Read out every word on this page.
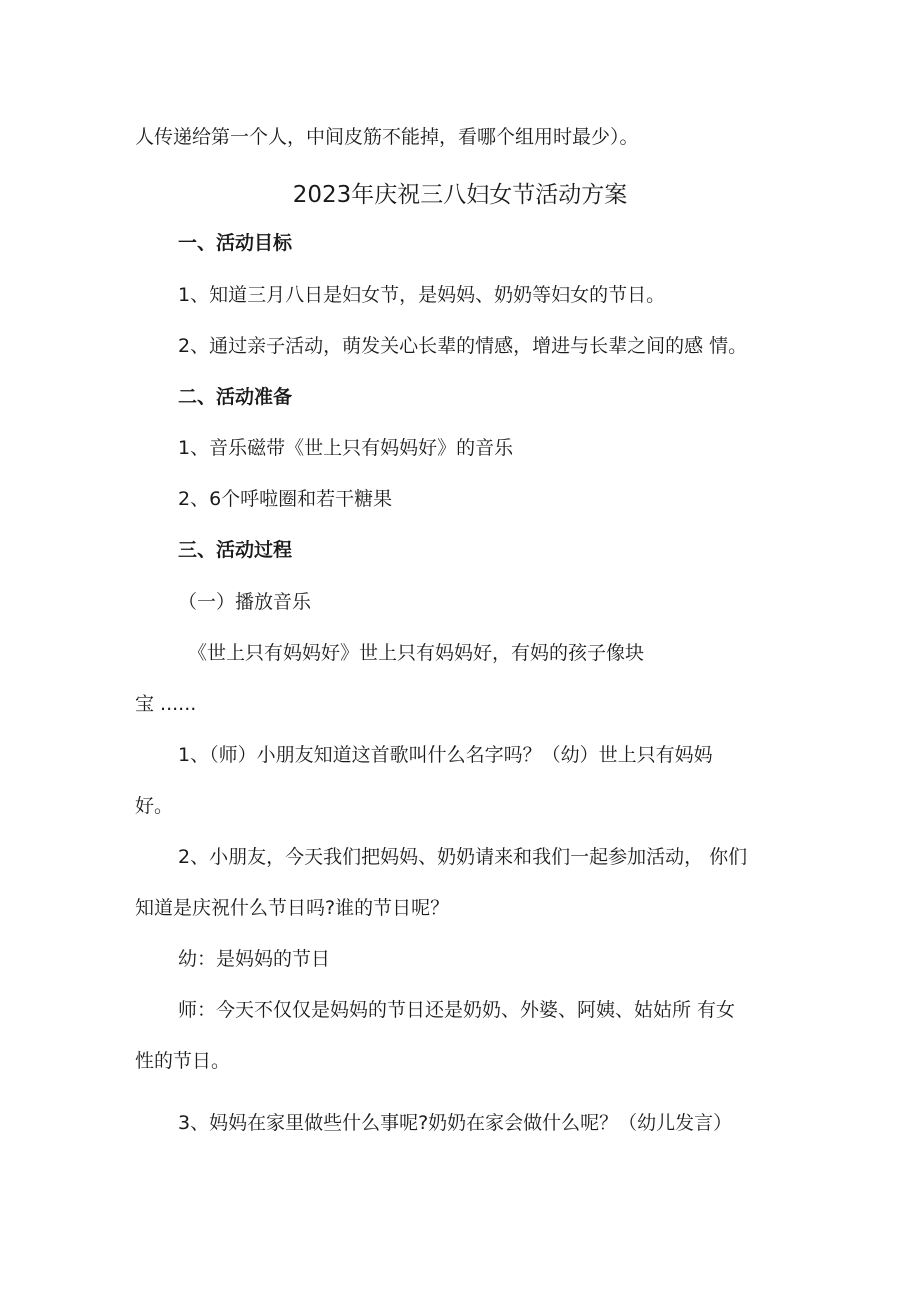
人传递给第一个人，中间皮筋不能掉，看哪个组用时最少）。
2023年庆祝三八妇女节活动方案
一、活动目标
1、知道三月八日是妇女节，是妈妈、奶奶等妇女的节日。
2、通过亲子活动，萌发关心长辈的情感，增进与长辈之间的感 情。
二、活动准备
1、音乐磁带《世上只有妈妈好》的音乐
2、6个呼啦圈和若干糖果
三、活动过程
（一）播放音乐
《世上只有妈妈好》世上只有妈妈好，有妈的孩子像块
宝 ......
1、（师）小朋友知道这首歌叫什么名字吗？（幼）世上只有妈妈
好。
2、小朋友，今天我们把妈妈、奶奶请来和我们一起参加活动， 你们
知道是庆祝什么节日吗?谁的节日呢？
幼：是妈妈的节日
师：今天不仅仅是妈妈的节日还是奶奶、外婆、阿姨、姑姑所 有女
性的节日。
3、妈妈在家里做些什么事呢?奶奶在家会做什么呢？（幼儿发言）
